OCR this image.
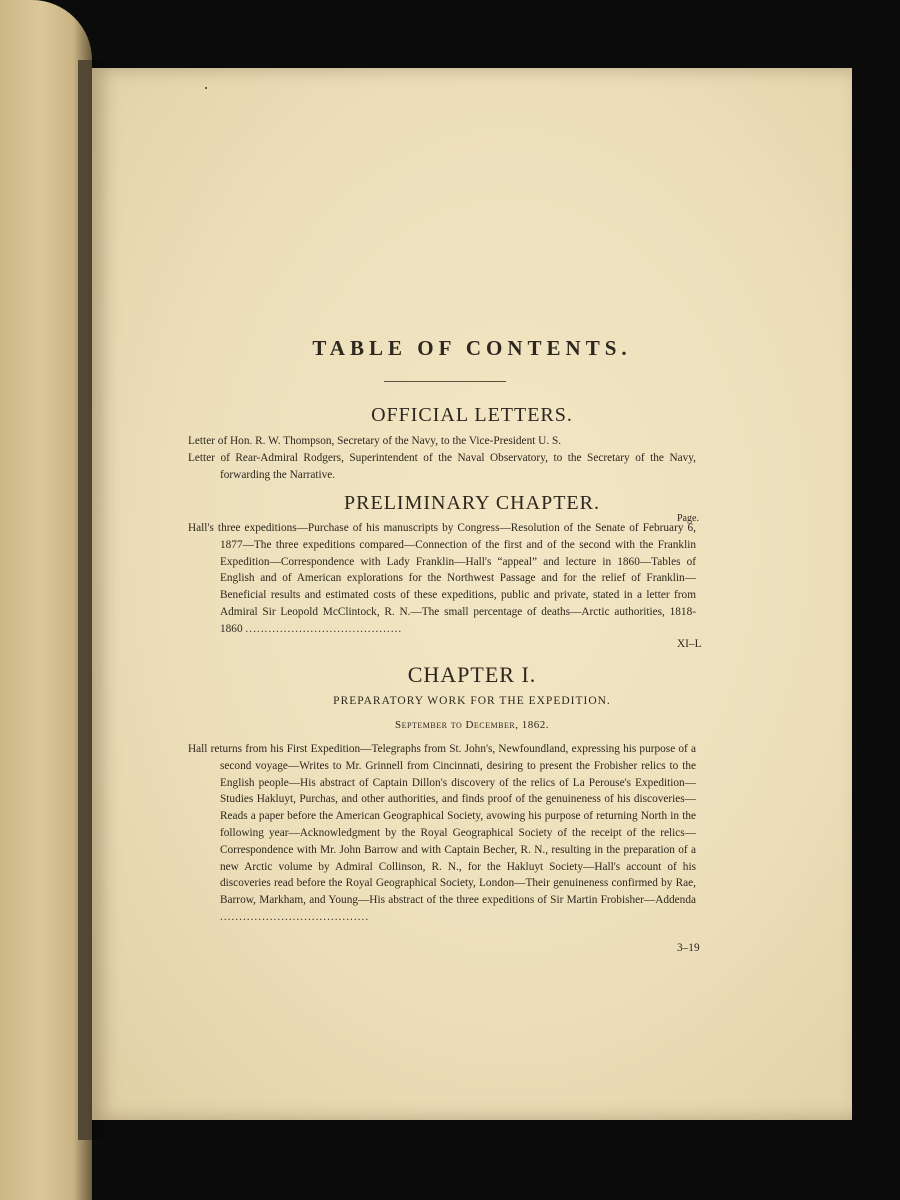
TABLE OF CONTENTS.
OFFICIAL LETTERS.
Letter of Hon. R. W. Thompson, Secretary of the Navy, to the Vice-President U. S.
Letter of Rear-Admiral Rodgers, Superintendent of the Naval Observatory, to the Secretary of the Navy, forwarding the Narrative.
PRELIMINARY CHAPTER.
Page.
Hall's three expeditions—Purchase of his manuscripts by Congress—Resolution of the Senate of February 6, 1877—The three expeditions compared—Connection of the first and of the second with the Franklin Expedition—Correspondence with Lady Franklin—Hall's “appeal” and lecture in 1860—Tables of English and of American explorations for the Northwest Passage and for the relief of Franklin—Beneficial results and estimated costs of these expeditions, public and private, stated in a letter from Admiral Sir Leopold McClintock, R. N.—The small percentage of deaths—Arctic authorities, 1818-1860 .........................................
XI–L
CHAPTER I.
PREPARATORY WORK FOR THE EXPEDITION.
September to December, 1862.
Hall returns from his First Expedition—Telegraphs from St. John's, Newfoundland, expressing his purpose of a second voyage—Writes to Mr. Grinnell from Cincinnati, desiring to present the Frobisher relics to the English people—His abstract of Captain Dillon's discovery of the relics of La Perouse's Expedition—Studies Hakluyt, Purchas, and other authorities, and finds proof of the genuineness of his discoveries—Reads a paper before the American Geographical Society, avowing his purpose of returning North in the following year—Acknowledgment by the Royal Geographical Society of the receipt of the relics—Correspondence with Mr. John Barrow and with Captain Becher, R. N., resulting in the preparation of a new Arctic volume by Admiral Collinson, R. N., for the Hakluyt Society—Hall's account of his discoveries read before the Royal Geographical Society, London—Their genuineness confirmed by Rae, Barrow, Markham, and Young—His abstract of the three expeditions of Sir Martin Frobisher—Addenda .......................................
3–19
